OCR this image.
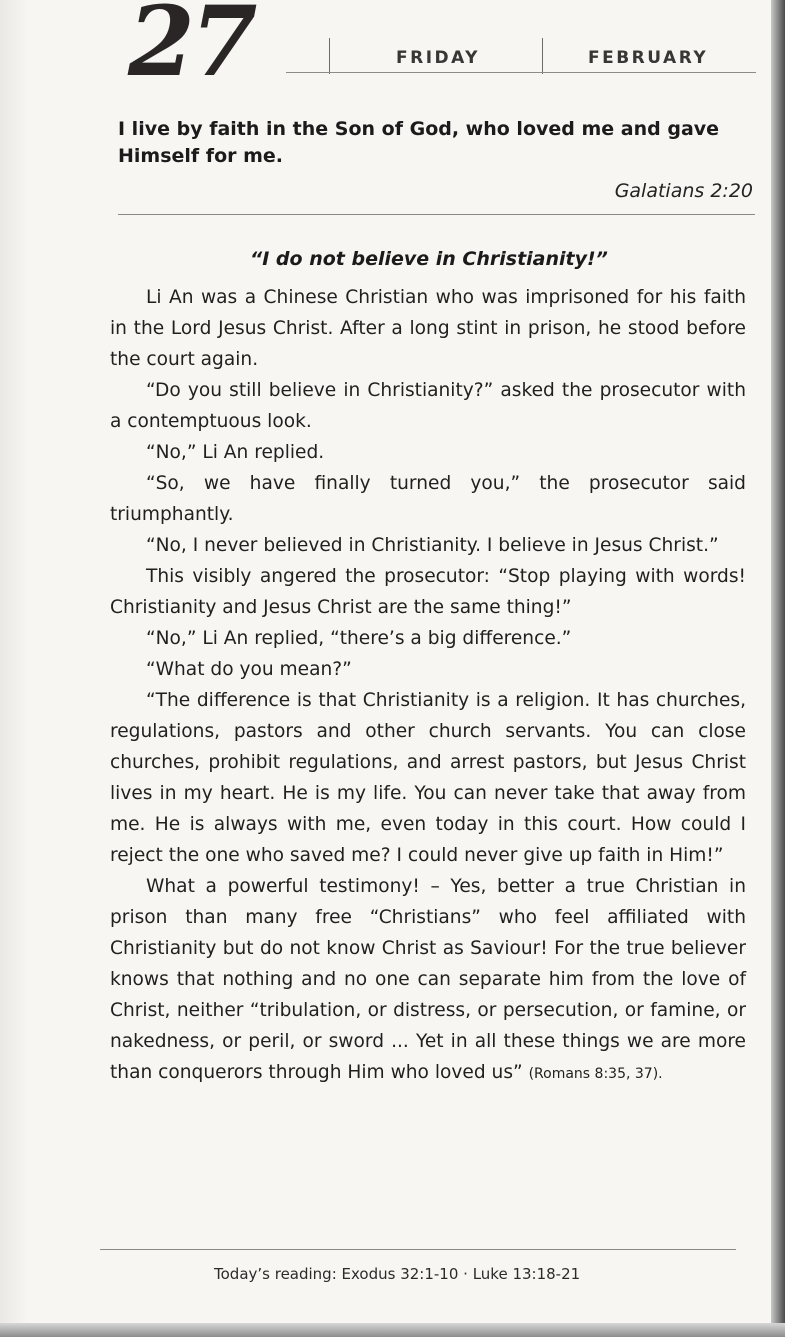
27	FRIDAY	FEBRUARY
I live by faith in the Son of God, who loved me and gave Himself for me.
Galatians 2:20
“I do not believe in Christianity!”

Li An was a Chinese Christian who was imprisoned for his faith in the Lord Jesus Christ. After a long stint in prison, he stood before the court again.

“Do you still believe in Christianity?” asked the prosecutor with a contemptuous look.

“No,” Li An replied.

“So, we have finally turned you,” the prosecutor said triumphantly.

“No, I never believed in Christianity. I believe in Jesus Christ.”

This visibly angered the prosecutor: “Stop playing with words! Christianity and Jesus Christ are the same thing!”

“No,” Li An replied, “there’s a big difference.”

“What do you mean?”

“The difference is that Christianity is a religion. It has churches, regulations, pastors and other church servants. You can close churches, prohibit regulations, and arrest pastors, but Jesus Christ lives in my heart. He is my life. You can never take that away from me. He is always with me, even today in this court. How could I reject the one who saved me? I could never give up faith in Him!”

What a powerful testimony! – Yes, better a true Christian in prison than many free “Christians” who feel affiliated with Christianity but do not know Christ as Saviour! For the true believer knows that nothing and no one can separate him from the love of Christ, neither “tribulation, or distress, or persecution, or famine, or nakedness, or peril, or sword ... Yet in all these things we are more than conquerors through Him who loved us” (Romans 8:35, 37).

Today’s reading: Exodus 32:1-10 · Luke 13:18-21
